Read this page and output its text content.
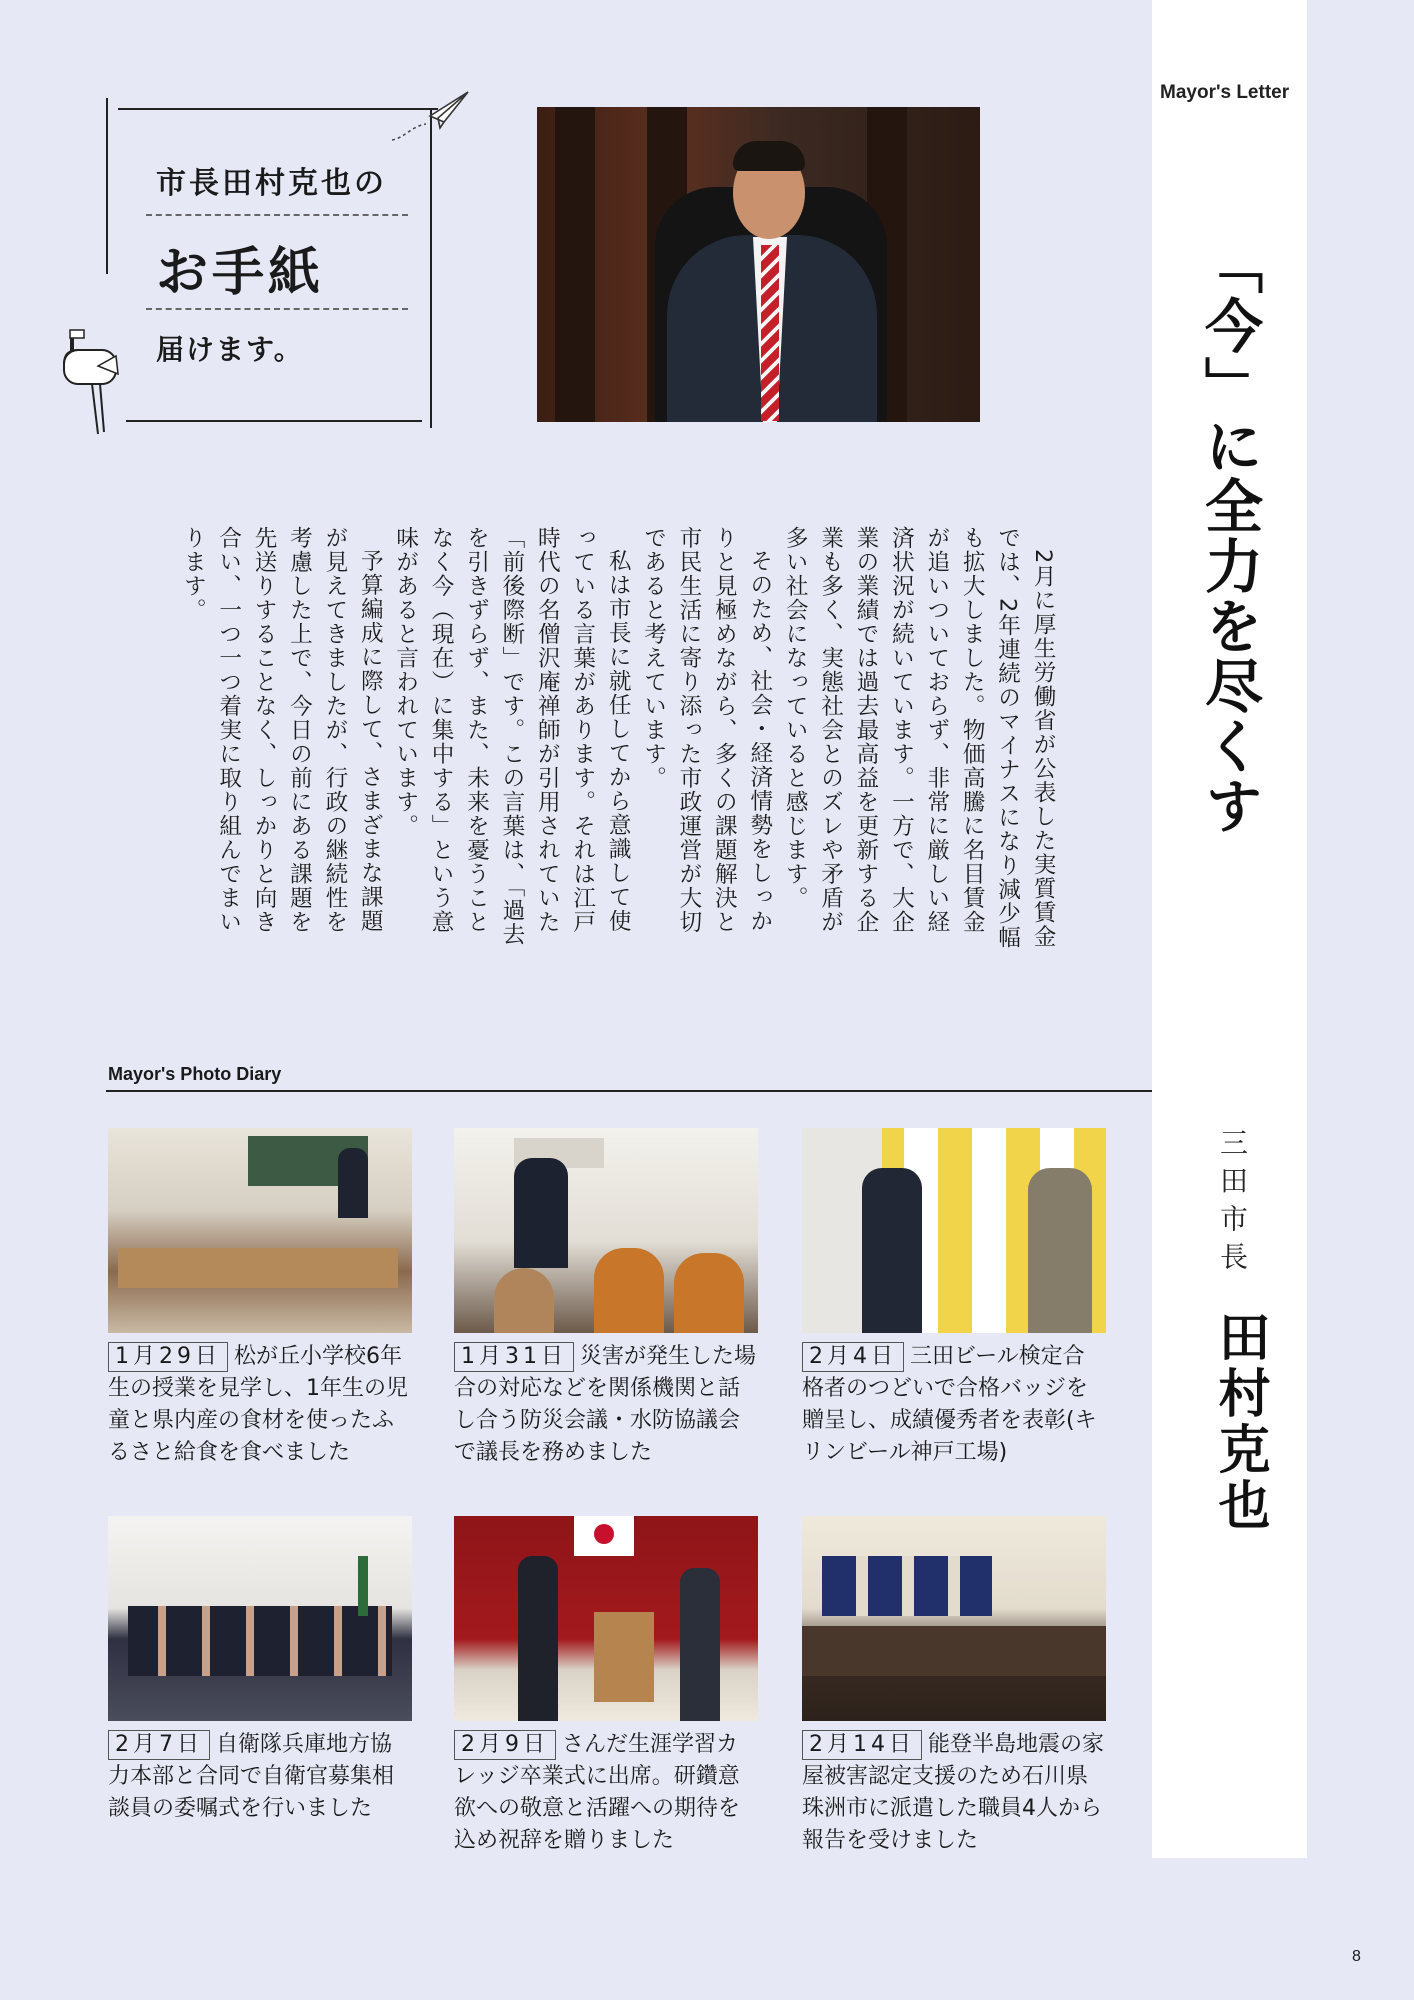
Mayor's Letter
「今」に全力を尽くす
三田市長
田村克也
市長田村克也の
お手紙
届けます。

2月に厚生労働省が公表した実質賃金では、2年連続のマイナスになり減少幅も拡大しました。物価高騰に名目賃金が追いついておらず、非常に厳しい経済状況が続いています。一方で、大企業の業績では過去最高益を更新する企業も多く、実態社会とのズレや矛盾が多い社会になっていると感じます。

そのため、社会・経済情勢をしっかりと見極めながら、多くの課題解決と市民生活に寄り添った市政運営が大切であると考えています。

私は市長に就任してから意識して使っている言葉があります。それは江戸時代の名僧沢庵禅師が引用されていた「前後際断」です。この言葉は、「過去を引きずらず、また、未来を憂うことなく今（現在）に集中する」という意味があると言われています。

予算編成に際して、さまざまな課題が見えてきましたが、行政の継続性を考慮した上で、今日の前にある課題を先送りすることなく、しっかりと向き合い、一つ一つ着実に取り組んでまいります。

Mayor's Photo Diary
1月29日 松が丘小学校6年生の授業を見学し、1年生の児童と県内産の食材を使ったふるさと給食を食べました
1月31日 災害が発生した場合の対応などを関係機関と話し合う防災会議・水防協議会で議長を務めました
2月4日 三田ビール検定合格者のつどいで合格バッジを贈呈し、成績優秀者を表彰(キリンビール神戸工場)
2月7日 自衛隊兵庫地方協力本部と合同で自衛官募集相談員の委嘱式を行いました
2月9日 さんだ生涯学習カレッジ卒業式に出席。研鑽意欲への敬意と活躍への期待を込め祝辞を贈りました
2月14日 能登半島地震の家屋被害認定支援のため石川県珠洲市に派遣した職員4人から報告を受けました
8
